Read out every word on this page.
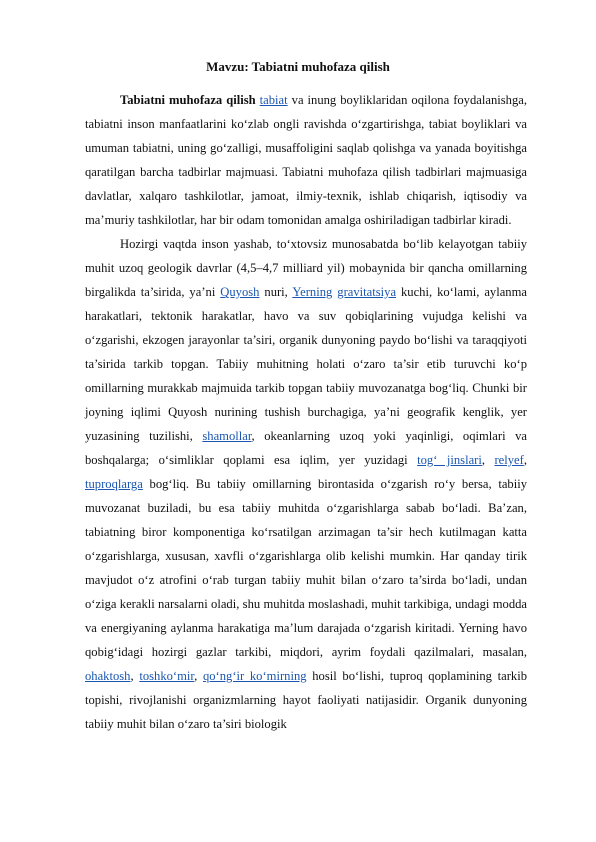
Mavzu: Tabiatni muhofaza qilish

Tabiatni muhofaza qilish tabiat va inung boyliklaridan oqilona foydalanishga, tabiatni inson manfaatlarini ko‘zlab ongli ravishda o‘zgartirishga, tabiat boyliklari va umuman tabiatni, uning go‘zalligi, musaffoligini saqlab qolishga va yanada boyitishga qaratilgan barcha tadbirlar majmuasi. Tabiatni muhofaza qilish tadbirlari majmuasiga davlatlar, xalqaro tashkilotlar, jamoat, ilmiy-texnik, ishlab chiqarish, iqtisodiy va ma’muriy tashkilotlar, har bir odam tomonidan amalga oshiriladigan tadbirlar kiradi.

Hozirgi vaqtda inson yashab, to‘xtovsiz munosabatda bo‘lib kelayotgan tabiiy muhit uzoq geologik davrlar (4,5–4,7 milliard yil) mobaynida bir qancha omillarning birgalikda ta’sirida, ya’ni Quyosh nuri, Yerning gravitatsiya kuchi, ko‘lami, aylanma harakatlari, tektonik harakatlar, havo va suv qobiqlarining vujudga kelishi va o‘zgarishi, ekzogen jarayonlar ta’siri, organik dunyoning paydo bo‘lishi va taraqqiyoti ta’sirida tarkib topgan. Tabiiy muhitning holati o‘zaro ta’sir etib turuvchi ko‘p omillarning murakkab majmuida tarkib topgan tabiiy muvozanatga bog‘liq. Chunki bir joyning iqlimi Quyosh nurining tushish burchagiga, ya’ni geografik kenglik, yer yuzasining tuzilishi, shamollar, okeanlarning uzoq yoki yaqinligi, oqimlari va boshqalarga; o‘simliklar qoplami esa iqlim, yer yuzidagi tog‘ jinslari, relyef, tuproqlarga bog‘liq. Bu tabiiy omillarning birontasida o‘zgarish ro‘y bersa, tabiiy muvozanat buziladi, bu esa tabiiy muhitda o‘zgarishlarga sabab bo‘ladi. Ba’zan, tabiatning biror komponentiga ko‘rsatilgan arzimagan ta’sir hech kutilmagan katta o‘zgarishlarga, xususan, xavfli o‘zgarishlarga olib kelishi mumkin. Har qanday tirik mavjudot o‘z atrofini o‘rab turgan tabiiy muhit bilan o‘zaro ta’sirda bo‘ladi, undan o‘ziga kerakli narsalarni oladi, shu muhitda moslashadi, muhit tarkibiga, undagi modda va energiyaning aylanma harakatiga ma’lum darajada o‘zgarish kiritadi. Yerning havo qobig‘idagi hozirgi gazlar tarkibi, miqdori, ayrim foydali qazilmalari, masalan, ohaktosh, toshko‘mir, qo‘ng‘ir ko‘mirning hosil bo‘lishi, tuproq qoplamining tarkib topishi, rivojlanishi organizmlarning hayot faoliyati natijasidir. Organik dunyoning tabiiy muhit bilan o‘zaro ta’siri biologik
